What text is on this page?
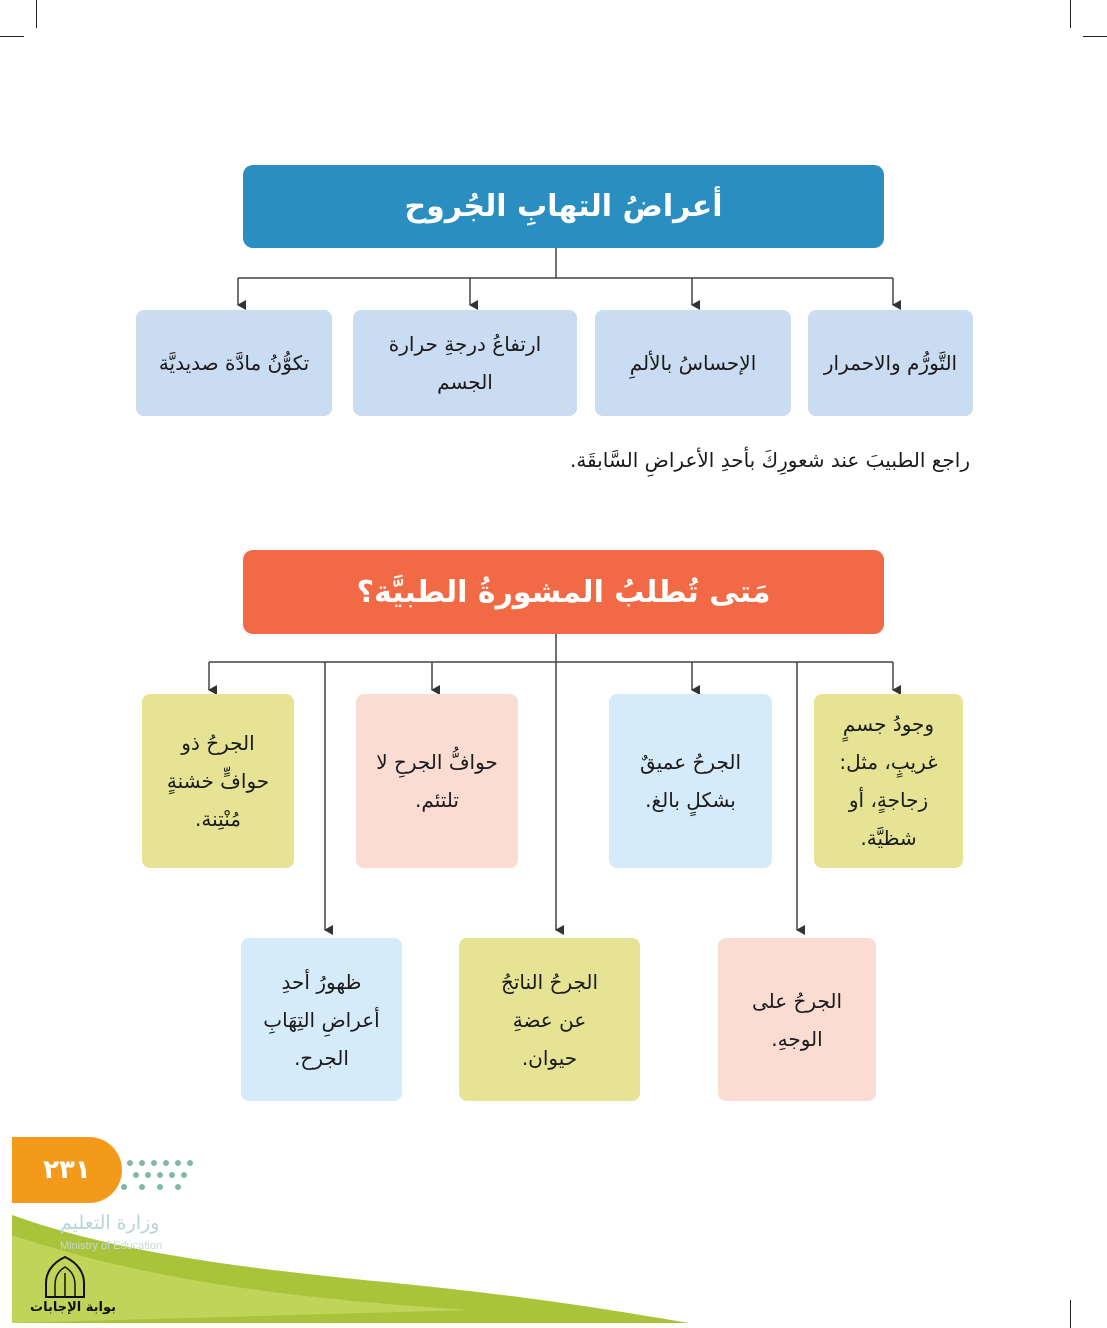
أعراضُ التهابِ الجُروح
التَّورُّم والاحمرار
الإحساسُ بالألمِ
ارتفاعُ درجةِ حرارة الجسم
تكوُّنُ مادَّة صديديَّة
راجع الطبيبَ عند شعورِكَ بأحدِ الأعراضِ السَّابقَة.
مَتى تُطلبُ المشورةُ الطبيَّة؟
وجودُ جسمٍ غريبٍ، مثل: زجاجةٍ، أو شظيَّة.
الجرحُ عميقٌ بشكلٍ بالغ.
حوافُّ الجرحِ لا تلتئم.
الجرحُ ذو حوافٍّ خشنةٍ مُنْتِنة.
الجرحُ على الوجهِ.
الجرحُ الناتجُ عن عضةِ حيوان.
ظهورُ أحدِ أعراضِ التِهَابِ الجرح.
٢٣١
وزارة التعليم
Ministry of Education
بوابة الإجابات
